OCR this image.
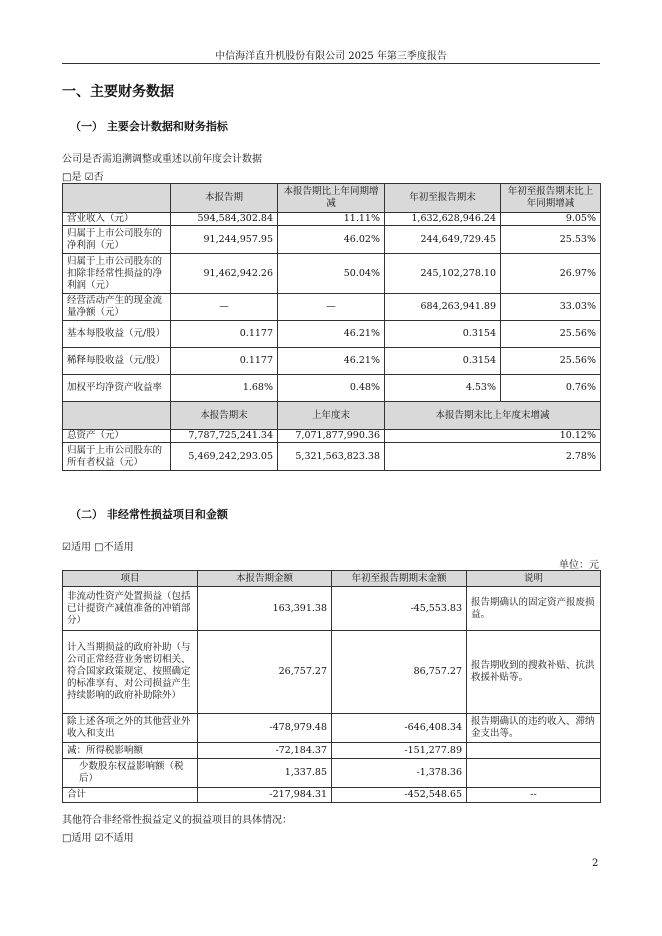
中信海洋直升机股份有限公司 2025 年第三季度报告
一、主要财务数据
（一） 主要会计数据和财务指标
公司是否需追溯调整或重述以前年度会计数据
□是 ☑否
	本报告期	本报告期比上年同期增减	年初至报告期末	年初至报告期末比上年同期增减
营业收入（元）	594,584,302.84	11.11%	1,632,628,946.24	9.05%
归属于上市公司股东的净利润（元）	91,244,957.95	46.02%	244,649,729.45	25.53%
归属于上市公司股东的扣除非经常性损益的净利润（元）	91,462,942.26	50.04%	245,102,278.10	26.97%
经营活动产生的现金流量净额（元）	—	—	684,263,941.89	33.03%
基本每股收益（元/股）	0.1177	46.21%	0.3154	25.56%
稀释每股收益（元/股）	0.1177	46.21%	0.3154	25.56%
加权平均净资产收益率	1.68%	0.48%	4.53%	0.76%
	本报告期末	上年度末	本报告期末比上年度末增减	
总资产（元）	7,787,725,241.34	7,071,877,990.36	10.12%	
归属于上市公司股东的所有者权益（元）	5,469,242,293.05	5,321,563,823.38	2.78%	
（二） 非经常性损益项目和金额
☑适用 □不适用
单位：元
项目	本报告期金额	年初至报告期期末金额	说明
非流动性资产处置损益（包括已计提资产减值准备的冲销部分）	163,391.38	-45,553.83	报告期确认的固定资产报废损益。
计入当期损益的政府补助（与公司正常经营业务密切相关、符合国家政策规定、按照确定的标准享有、对公司损益产生持续影响的政府补助除外）	26,757.27	86,757.27	报告期收到的搜救补贴、抗洪救援补贴等。
除上述各项之外的其他营业外收入和支出	-478,979.48	-646,408.34	报告期确认的违约收入、滞纳金支出等。
减：所得税影响额	-72,184.37	-151,277.89	
少数股东权益影响额（税后）	1,337.85	-1,378.36	
合计	-217,984.31	-452,548.65	--
其他符合非经常性损益定义的损益项目的具体情况：
□适用 ☑不适用
2
